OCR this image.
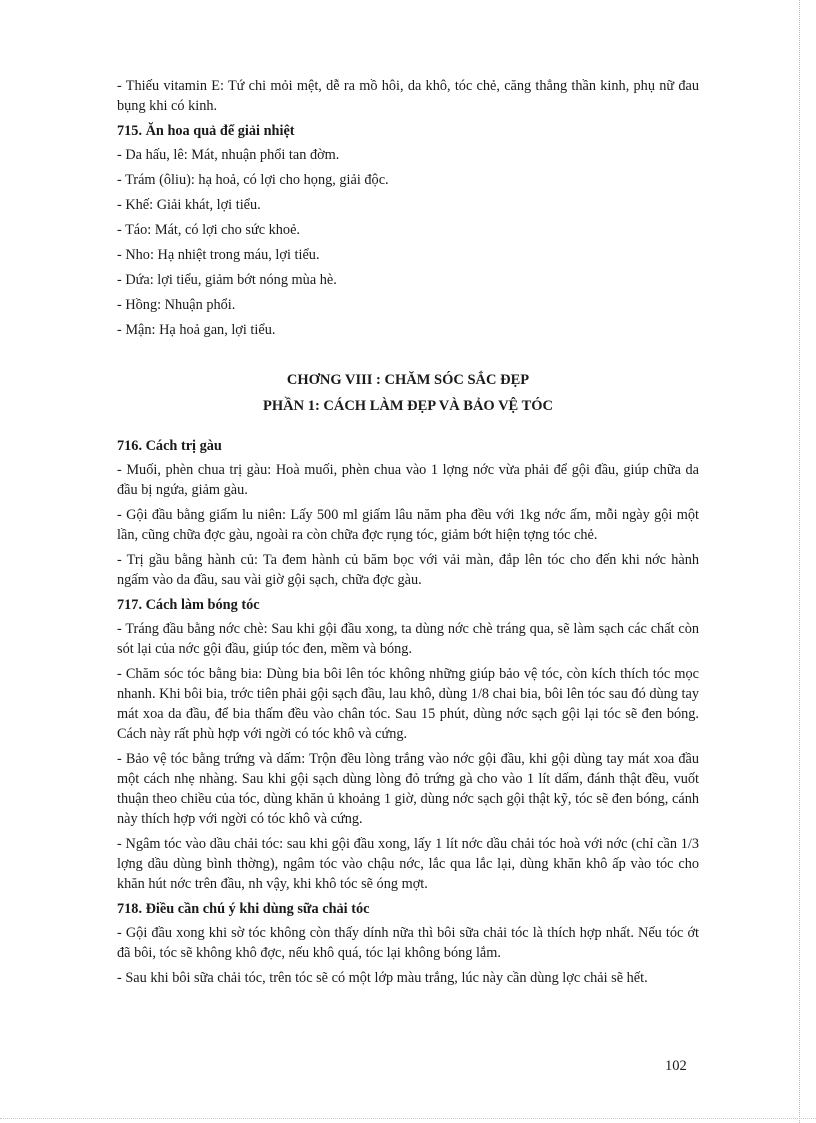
- Thiếu vitamin E: Tứ chi mỏi mệt, dễ ra mồ hôi, da khô, tóc chẻ, căng thẳng thần kinh, phụ nữ đau bụng khi có kinh.

715. Ăn hoa quả để giải nhiệt

- Da hấu, lê: Mát, nhuận phổi tan đờm.

- Trám (ôliu): hạ hoả, có lợi cho họng, giải độc.

- Khế: Giải khát, lợi tiểu.

- Táo: Mát, có lợi cho sức khoẻ.

- Nho: Hạ nhiệt trong máu, lợi tiểu.

- Dứa: lợi tiểu, giảm bớt nóng mùa hè.

- Hồng: Nhuận phổi.

- Mận: Hạ hoả gan, lợi tiểu.

CHƠNG VIII : CHĂM SÓC SẮC ĐẸP

PHẦN 1: CÁCH LÀM ĐẸP VÀ BẢO VỆ TÓC

716. Cách trị gàu

- Muối, phèn chua trị gàu: Hoà muối, phèn chua vào 1 lợng nớc vừa phải để gội đầu, giúp chữa da đầu bị ngứa, giảm gàu.

- Gội đầu bằng giấm lu niên: Lấy 500 ml giấm lâu năm pha đều với 1kg nớc ấm, mỗi ngày gội một lần, cũng chữa đợc gàu, ngoài ra còn chữa đợc rụng tóc, giảm bớt hiện tợng tóc chẻ.

- Trị gầu bằng hành củ: Ta đem hành củ băm bọc với vải màn, đắp lên tóc cho đến khi nớc hành ngấm vào da đầu, sau vài giờ gội sạch, chữa đợc gàu.

717. Cách làm bóng tóc

- Tráng đầu bằng nớc chè: Sau khi gội đầu xong, ta dùng nớc chè tráng qua, sẽ làm sạch các chất còn sót lại của nớc gội đầu, giúp tóc đen, mềm và bóng.

- Chăm sóc tóc bằng bia: Dùng bia bôi lên tóc không những giúp bảo vệ tóc, còn kích thích tóc mọc nhanh. Khi bôi bia, trớc tiên phải gội sạch đầu, lau khô, dùng 1/8 chai bia, bôi lên tóc sau đó dùng tay mát xoa da đầu, để bia thấm đều vào chân tóc. Sau 15 phút, dùng nớc sạch gội lại tóc sẽ đen bóng. Cách này rất phù hợp với ngời có tóc khô và cứng.

- Bảo vệ tóc bằng trứng và dấm: Trộn đều lòng trắng vào nớc gội đầu, khi gội dùng tay mát xoa đầu một cách nhẹ nhàng. Sau khi gội sạch dùng lòng đỏ trứng gà cho vào 1 lít dấm, đánh thật đều, vuốt thuận theo chiều của tóc, dùng khăn ủ khoảng 1 giờ, dùng nớc sạch gội thật kỹ, tóc sẽ đen bóng, cánh này thích hợp với ngời có tóc khô và cứng.

- Ngâm tóc vào dầu chải tóc: sau khi gội đầu xong, lấy 1 lít nớc dầu chải tóc hoà với nớc (chỉ cần 1/3 lợng dầu dùng bình thờng), ngâm tóc vào chậu nớc, lắc qua lắc lại, dùng khăn khô ấp vào tóc cho khăn hút nớc trên đầu, nh vậy, khi khô tóc sẽ óng mợt.

718. Điều cần chú ý khi dùng sữa chải tóc

- Gội đầu xong khi sờ tóc không còn thấy dính nữa thì bôi sữa chải tóc là thích hợp nhất. Nếu tóc ớt đã bôi, tóc sẽ không khô đợc, nếu khô quá, tóc lại không bóng lắm.

- Sau khi bôi sữa chải tóc, trên tóc sẽ có một lớp màu trắng, lúc này cần dùng lợc chải sẽ hết.

102
